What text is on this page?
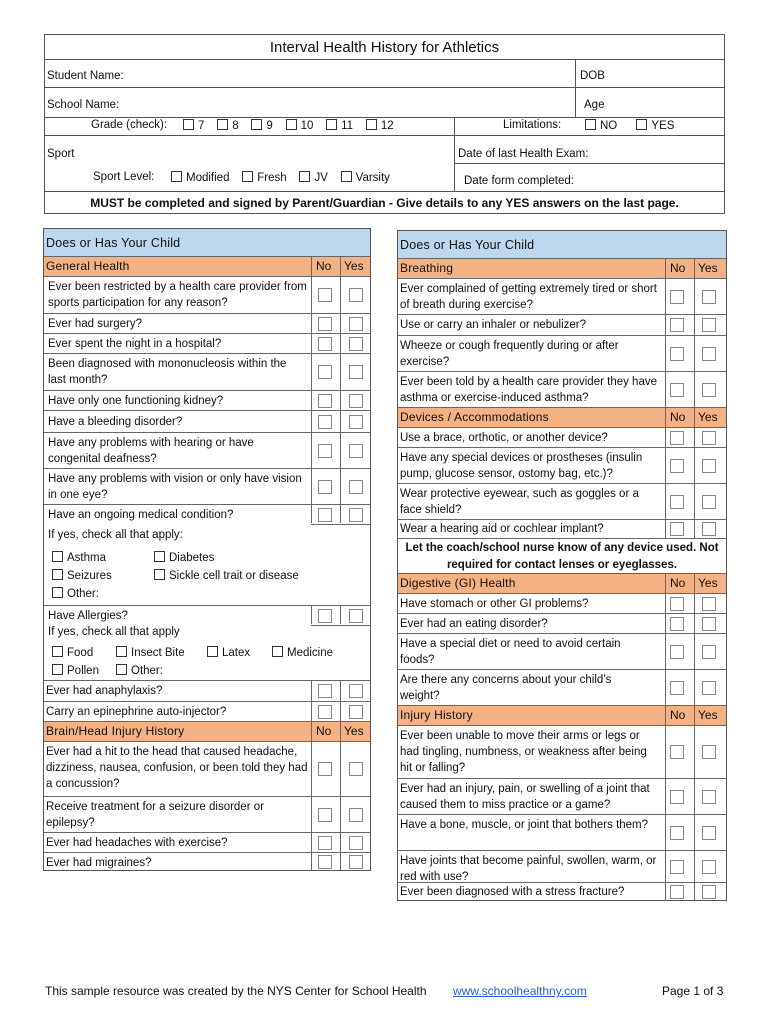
Interval Health History for Athletics
Student Name:	DOB
School Name:	Age
Grade (check):	7 8 9 10 11 12	Limitations:	NO	YES
Sport	Date of last Health Exam:
Sport Level:	Modified Fresh JV Varsity	Date form completed:
MUST be completed and signed by Parent/Guardian - Give details to any YES answers on the last page.
Does or Has Your Child
General Health	No Yes
Ever been restricted by a health care provider from sports participation for any reason?
Ever had surgery?
Ever spent the night in a hospital?
Been diagnosed with mononucleosis within the last month?
Have only one functioning kidney?
Have a bleeding disorder?
Have any problems with hearing or have congenital deafness?
Have any problems with vision or only have vision in one eye?
Have an ongoing medical condition?
If yes, check all that apply:
Asthma	Diabetes
Seizures	Sickle cell trait or disease
Other:
Have Allergies?
If yes, check all that apply
Food	Insect Bite	Latex	Medicine
Pollen	Other:
Ever had anaphylaxis?
Carry an epinephrine auto-injector?
Brain/Head Injury History	No Yes
Ever had a hit to the head that caused headache, dizziness, nausea, confusion, or been told they had a concussion?
Receive treatment for a seizure disorder or epilepsy?
Ever had headaches with exercise?
Ever had migraines?
Does or Has Your Child
Breathing	No Yes
Ever complained of getting extremely tired or short of breath during exercise?
Use or carry an inhaler or nebulizer?
Wheeze or cough frequently during or after exercise?
Ever been told by a health care provider they have asthma or exercise-induced asthma?
Devices / Accommodations	No Yes
Use a brace, orthotic, or another device?
Have any special devices or prostheses (insulin pump, glucose sensor, ostomy bag, etc.)?
Wear protective eyewear, such as goggles or a face shield?
Wear a hearing aid or cochlear implant?
Let the coach/school nurse know of any device used. Not required for contact lenses or eyeglasses.
Digestive (GI) Health	No Yes
Have stomach or other GI problems?
Ever had an eating disorder?
Have a special diet or need to avoid certain foods?
Are there any concerns about your child’s weight?
Injury History	No Yes
Ever been unable to move their arms or legs or had tingling, numbness, or weakness after being hit or falling?
Ever had an injury, pain, or swelling of a joint that caused them to miss practice or a game?
Have a bone, muscle, or joint that bothers them?
Have joints that become painful, swollen, warm, or red with use?
Ever been diagnosed with a stress fracture?
This sample resource was created by the NYS Center for School Health www.schoolhealthny.com	Page 1 of 3
